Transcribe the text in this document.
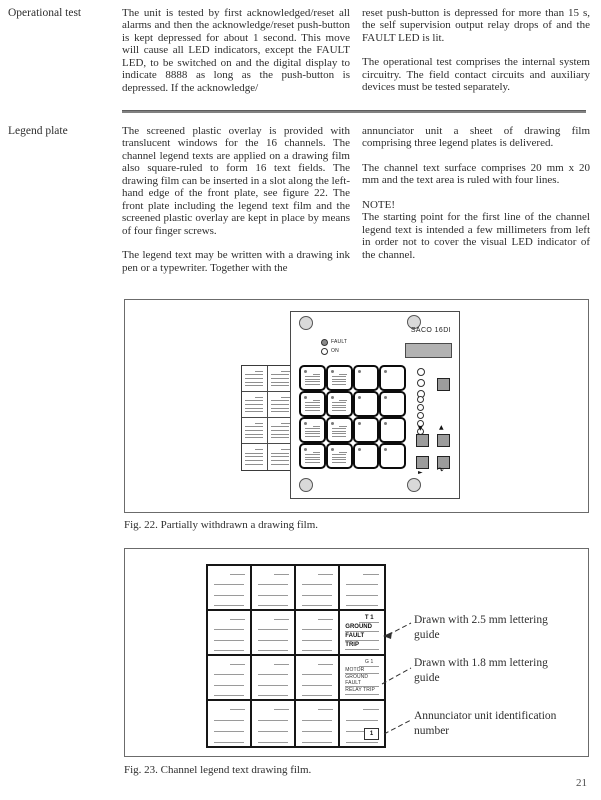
Operational test	The unit is tested by first acknowledged/reset all alarms and then the acknowledge/reset push-button is kept depressed for about 1 second. This move will cause all LED indicators, except the FAULT LED, to be switched on and the digital display to indicate 8888 as long as the push-button is depressed. If the acknowledge/

reset push-button is depressed for more than 15 s, the self supervision output relay drops of and the FAULT LED is lit.

The operational test comprises the internal system circuitry. The field contact circuits and auxiliary devices must be tested separately.

Legend plate	The screened plastic overlay is provided with translucent windows for the 16 channels. The channel legend texts are applied on a drawing film also square-ruled to form 16 text fields. The drawing film can be inserted in a slot along the left-hand edge of the front plate, see figure 22. The front plate including the legend text film and the screened plastic overlay are kept in place by means of four finger screws.

The legend text may be written with a drawing ink pen or a typewriter. Together with the

annunciator unit a sheet of drawing film comprising three legend plates is delivered.

The channel text surface comprises 20 mm x 20 mm and the text area is ruled with four lines.

NOTE!

The starting point for the first line of the channel legend text is intended a few millimeters from left in order not to cover the visual LED indicator of the channel.

SACO 16DI
FAULT
ON
▼	▲
► ↷
Fig. 22. Partially withdrawn a drawing film.
T 1
GROUND
FAULT
TRIP
G 1
MOTOR
GROUND FAULT
RELAY TRIP
1
Drawn with 2.5 mm lettering guide
Drawn with 1.8 mm lettering guide
Annunciator unit identification number
Fig. 23. Channel legend text drawing film.
21
